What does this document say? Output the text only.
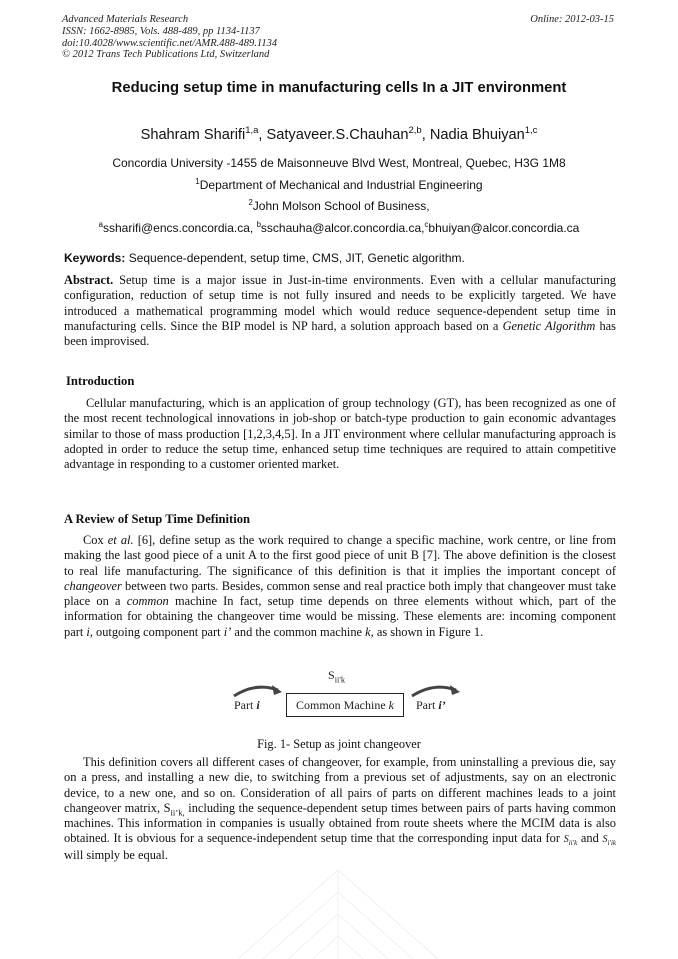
Advanced Materials Research
ISSN: 1662-8985, Vols. 488-489, pp 1134-1137
doi:10.4028/www.scientific.net/AMR.488-489.1134
© 2012 Trans Tech Publications Ltd, Switzerland
Online: 2012-03-15
Reducing setup time in manufacturing cells In a JIT environment
Shahram Sharifi$^{1,a}$, Satyaveer.S.Chauhan$^{2,b}$, Nadia Bhuiyan$^{1,c}$
Concordia University -1455 de Maisonneuve Blvd West, Montreal, Quebec, H3G 1M8
$^1$Department of Mechanical and Industrial Engineering
$^2$John Molson School of Business,
$^a$ssharifi@encs.concordia.ca, $^b$sschauha@alcor.concordia.ca,$^c$bhuiyan@alcor.concordia.ca
Keywords: Sequence-dependent, setup time, CMS, JIT, Genetic algorithm.

Abstract. Setup time is a major issue in Just-in-time environments. Even with a cellular manufacturing configuration, reduction of setup time is not fully insured and needs to be explicitly targeted. We have introduced a mathematical programming model which would reduce sequence-dependent setup time in manufacturing cells. Since the BIP model is NP hard, a solution approach based on a Genetic Algorithm has been improvised.

Introduction

Cellular manufacturing, which is an application of group technology (GT), has been recognized as one of the most recent technological innovations in job-shop or batch-type production to gain economic advantages similar to those of mass production [1,2,3,4,5]. In a JIT environment where cellular manufacturing approach is adopted in order to reduce the setup time, enhanced setup time techniques are required to attain competitive advantage in responding to a customer oriented market.

A Review of Setup Time Definition

Cox et al. [6], define setup as the work required to change a specific machine, work centre, or line from making the last good piece of a unit A to the first good piece of unit B [7]. The above definition is the closest to real life manufacturing. The significance of this definition is that it implies the important concept of changeover between two parts. Besides, common sense and real practice both imply that changeover must take place on a common machine In fact, setup time depends on three elements without which, part of the information for obtaining the changeover time would be missing. These elements are: incoming component part i, outgoing component part i’ and the common machine k, as shown in Figure 1.

$S_{ii'k}$
Common Machine k
Part i	Part i’
Fig. 1- Setup as joint changeover

This definition covers all different cases of changeover, for example, from uninstalling a previous die, say on a press, and installing a new die, to switching from a previous set of adjustments, say on an electronic device, to a new one, and so on. Consideration of all pairs of parts on different machines leads to a joint changeover matrix, $S_{ii’k,}$ including the sequence-dependent setup times between pairs of parts having common machines. This information in companies is usually obtained from route sheets where the MCIM data is also obtained. It is obvious for a sequence-independent setup time that the corresponding input data for $S_{ii'k}$ and $S_{i'ik}$ will simply be equal.
